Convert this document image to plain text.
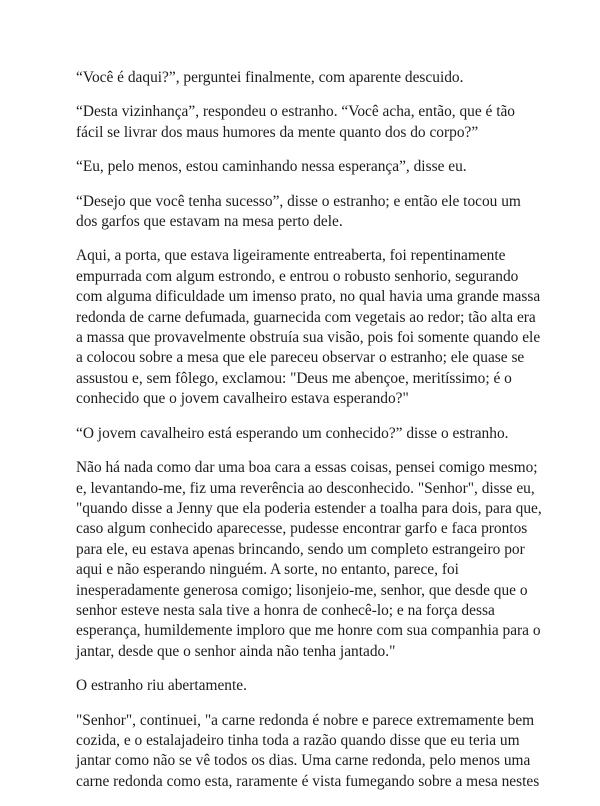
“Você é daqui?”, perguntei finalmente, com aparente descuido.

“Desta vizinhança”, respondeu o estranho. “Você acha, então, que é tão
fácil se livrar dos maus humores da mente quanto dos do corpo?”

“Eu, pelo menos, estou caminhando nessa esperança”, disse eu.

“Desejo que você tenha sucesso”, disse o estranho; e então ele tocou um
dos garfos que estavam na mesa perto dele.

Aqui, a porta, que estava ligeiramente entreaberta, foi repentinamente
empurrada com algum estrondo, e entrou o robusto senhorio, segurando
com alguma dificuldade um imenso prato, no qual havia uma grande massa
redonda de carne defumada, guarnecida com vegetais ao redor; tão alta era
a massa que provavelmente obstruía sua visão, pois foi somente quando ele
a colocou sobre a mesa que ele pareceu observar o estranho; ele quase se
assustou e, sem fôlego, exclamou: "Deus me abençoe, meritíssimo; é o
conhecido que o jovem cavalheiro estava esperando?"

“O jovem cavalheiro está esperando um conhecido?” disse o estranho.

Não há nada como dar uma boa cara a essas coisas, pensei comigo mesmo;
e, levantando-me, fiz uma reverência ao desconhecido. "Senhor", disse eu,
"quando disse a Jenny que ela poderia estender a toalha para dois, para que,
caso algum conhecido aparecesse, pudesse encontrar garfo e faca prontos
para ele, eu estava apenas brincando, sendo um completo estrangeiro por
aqui e não esperando ninguém. A sorte, no entanto, parece, foi
inesperadamente generosa comigo; lisonjeio-me, senhor, que desde que o
senhor esteve nesta sala tive a honra de conhecê-lo; e na força dessa
esperança, humildemente imploro que me honre com sua companhia para o
jantar, desde que o senhor ainda não tenha jantado."

O estranho riu abertamente.

"Senhor", continuei, "a carne redonda é nobre e parece extremamente bem
cozida, e o estalajadeiro tinha toda a razão quando disse que eu teria um
jantar como não se vê todos os dias. Uma carne redonda, pelo menos uma
carne redonda como esta, raramente é vista fumegando sobre a mesa nestes
